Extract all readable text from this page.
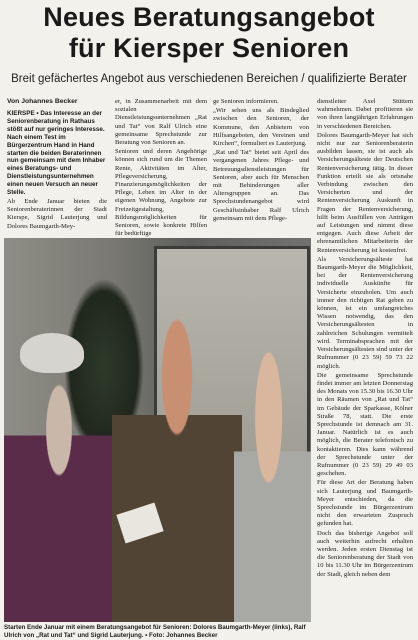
Neues Beratungsangebot
für Kiersper Senioren
Breit gefächertes Angebot aus verschiedenen Bereichen / qualifizierte Berater
Von Johannes Becker
KIERSPE • Das Interesse an der Seniorenberatung in Rathaus stößt auf nur geringes Interesse. Nach einem Test im Bürgerzentrum Hand in Hand starten die beiden Beraterinnen nun gemeinsam mit dem Inhaber eines Beratungs- und Dienstleistungsunternehmen einen neuen Versuch an neuer Stelle.

Ab Ende Januar bieten die Seniorenberaterinnen der Stadt Kierspe, Sigrid Lauterjung und Dolores Baumgarth-Mey-

er, in Zusammenarbeit mit dem sozialen Dienstleistungsunternehmen „Rat und Tat“ von Ralf Ulrich eine gemeinsame Sprechstunde zur Beratung von Senioren an.

Senioren und deren Angehörige können sich rund um die Themen Rente, Aktivitäten im Alter, Pflegeversicherung, Finanzierungsmöglichkeiten der Pflege, Leben im Alter in der eigenen Wohnung, Angebote zur Freizeitgestaltung, Bildungsmöglichkeiten für Senioren, sowie konkrete Hilfen für bedürftige

ge Senioren informieren.

„Wir sehen uns als Bindeglied zwischen den Senioren, der Kommune, den Anbietern von Hilfsangeboten, den Vereinen und Kirchen“, formuliert es Lauterjung.

„Rat und Tat“ bietet seit April des vergangenen Jahres Pflege- und Betreuungsdienstleistungen für Senioren, aber auch für Menschen mit Behinderungen aller Altersgruppen an. Das Sprechstundenangebot wird Geschäftsinhaber Ralf Ulrich gemeinsam mit dem Pflege-

dienstleiter Axel Stüttem wahrnehmen. Dabei profitieren sie von ihren langjährigen Erfahrungen in verschiedenen Bereichen.

Dolores Baumgarth-Meyer hat sich nicht nur zur Seniorenberaterin ausbilden lassen, sie ist auch als Versicherungsälteste der Deutschen Rentenversicherung tätig. In dieser Funktion erteilt sie als ortsnahe Verbindung zwischen den Versicherten und der Rentenversicherung Auskunft in Fragen der Rentenversicherung, hilft beim Ausfüllen von Anträgen auf Leistungen und nimmt diese entgegen. Auch diese Arbeit der ehrenamtlichen Mitarbeiterin der Rentenversicherung ist kostenfrei.

Als Versicherungsälteste hat Baumgarth-Meyer die Möglichkeit, bei der Rentenversicherung individuelle Auskünfte für Versicherte einzuholen. Um auch immer den richtigen Rat geben zu können, ist ein umfangreiches Wissen notwendig, das den Versicherungsältesten in zahlreichen Schulungen vermittelt wird. Terminabsprachen mit der Versicherungsältesten sind unter der Rufnummer (0 23 59) 59 73 22 möglich.

Die gemeinsame Sprechstunde findet immer am letzten Donnerstag des Monats von 15.30 bis 16.30 Uhr in den Räumen von „Rat und Tat“ im Gebäude der Sparkasse, Kölner Straße 78, statt. Die erste Sprechstunde ist demnach am 31. Januar. Natürlich ist es auch möglich, die Berater telefonisch zu kontaktieren. Dies kann während der Sprechstunde unter der Rufnummer (0 23 59) 29 49 03 geschehen.

Für diese Art der Beratung haben sich Lauterjung und Baumgarth-Meyer entschieden, da die Sprechstunde im Bürgerzentrum nicht den erwarteten Zuspruch gefunden hat.

Doch das bisherige Angebot soll auch weiterhin aufrecht erhalten werden. Jeden ersten Dienstag ist die Seniorenberatung der Stadt von 10 bis 11.30 Uhr im Bürgerzentrum der Stadt, gleich neben dem

Starten Ende Januar mit einem Beratungsangebot für Senioren: Dolores Baumgarth-Meyer (links), Ralf Ulrich von „Rat und Tat“ und Sigrid Lauterjung. • Foto: Johannes Becker
